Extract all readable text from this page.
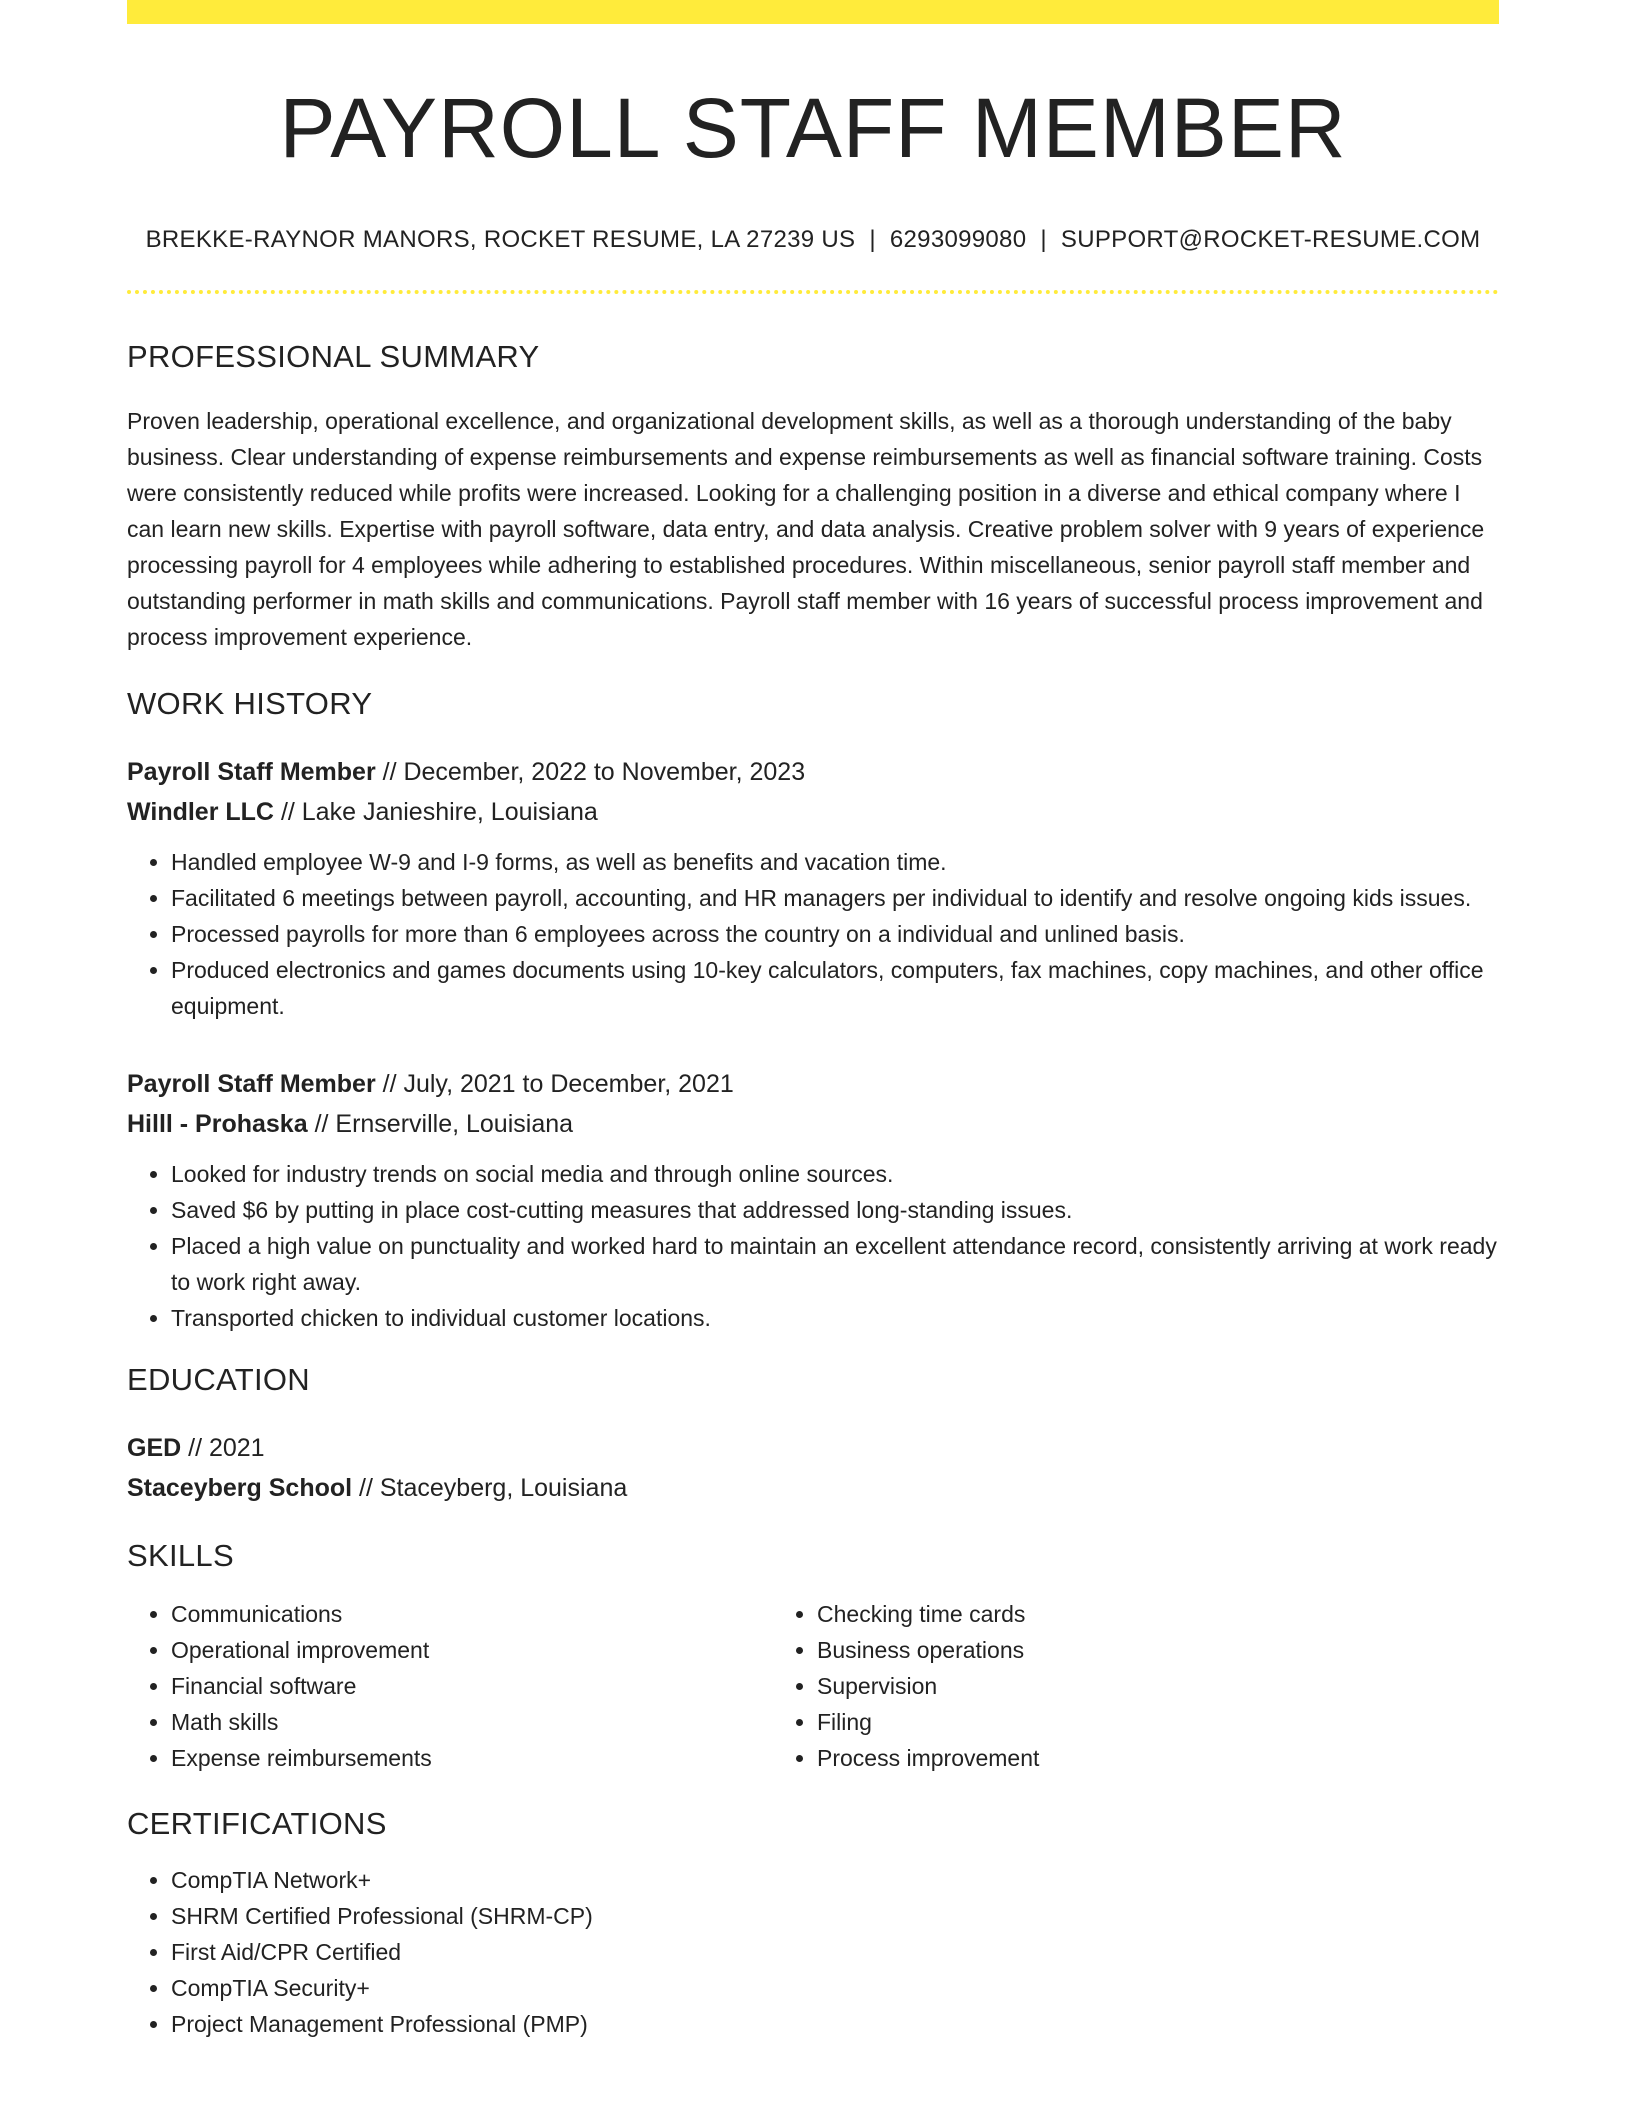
PAYROLL STAFF MEMBER
BREKKE-RAYNOR MANORS, ROCKET RESUME, LA 27239 US | 6293099080 | SUPPORT@ROCKET-RESUME.COM
PROFESSIONAL SUMMARY
Proven leadership, operational excellence, and organizational development skills, as well as a thorough understanding of the baby business. Clear understanding of expense reimbursements and expense reimbursements as well as financial software training. Costs were consistently reduced while profits were increased. Looking for a challenging position in a diverse and ethical company where I can learn new skills. Expertise with payroll software, data entry, and data analysis. Creative problem solver with 9 years of experience processing payroll for 4 employees while adhering to established procedures. Within miscellaneous, senior payroll staff member and outstanding performer in math skills and communications. Payroll staff member with 16 years of successful process improvement and process improvement experience.
WORK HISTORY
Payroll Staff Member // December, 2022 to November, 2023
Windler LLC // Lake Janieshire, Louisiana
• Handled employee W-9 and I-9 forms, as well as benefits and vacation time.
• Facilitated 6 meetings between payroll, accounting, and HR managers per individual to identify and resolve ongoing kids issues.
• Processed payrolls for more than 6 employees across the country on a individual and unlined basis.
• Produced electronics and games documents using 10-key calculators, computers, fax machines, copy machines, and other office equipment.
Payroll Staff Member // July, 2021 to December, 2021
Hilll - Prohaska // Ernserville, Louisiana
• Looked for industry trends on social media and through online sources.
• Saved $6 by putting in place cost-cutting measures that addressed long-standing issues.
• Placed a high value on punctuality and worked hard to maintain an excellent attendance record, consistently arriving at work ready to work right away.
• Transported chicken to individual customer locations.
EDUCATION
GED // 2021
Staceyberg School // Staceyberg, Louisiana
SKILLS
• Communications
• Operational improvement
• Financial software
• Math skills
• Expense reimbursements
• Checking time cards
• Business operations
• Supervision
• Filing
• Process improvement
CERTIFICATIONS
• CompTIA Network+
• SHRM Certified Professional (SHRM-CP)
• First Aid/CPR Certified
• CompTIA Security+
• Project Management Professional (PMP)
